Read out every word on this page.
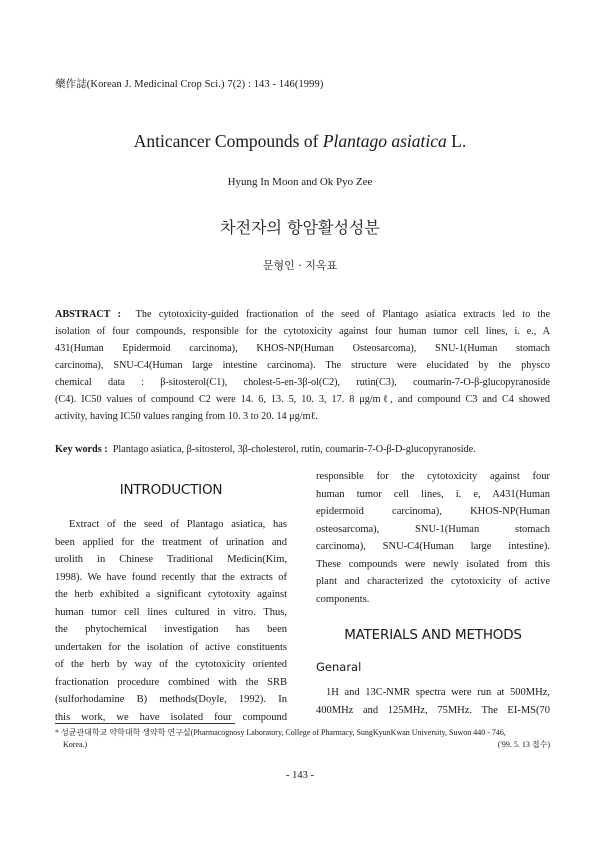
藥作誌(Korean J. Medicinal Crop Sci.) 7(2) : 143 - 146(1999)
Anticancer Compounds of Plantago asiatica L.
Hyung In Moon and Ok Pyo Zee
차전자의 항암활성성분
문형인 · 지옥표
ABSTRACT : The cytotoxicity-guided fractionation of the seed of Plantago asiatica extracts led to the
isolation of four compounds, responsible for the cytotoxicity against four human tumor cell lines, i. e., A
431(Human Epidermoid carcinoma), KHOS-NP(Human Osteosarcoma), SNU-1(Human stomach
carcinoma), SNU-C4(Human large intestine carcinoma). The structure were elucidated by the physco
chemical data : β-sitosterol(C1), cholest-5-en-3β-ol(C2), rutin(C3), coumarin-7-O-β-glucopyranoside
(C4). IC50 values of compound C2 were 14. 6, 13. 5, 10. 3, 17. 8 μg/mℓ, and compound C3 and C4 showed
activity, having IC50 values ranging from 10. 3 to 20. 14 μg/mℓ.
Key words : Plantago asiatica, β-sitosterol, 3β-cholesterol, rutin, coumarin-7-O-β-D-glucopyranoside.
INTRODUCTION
Extract of the seed of Plantago asiatica, has
been applied for the treatment of urination and
urolith in Chinese Traditional Medicin(Kim,
1998). We have found recently that the extracts of
the herb exhibited a significant cytotoxity against
human tumor cell lines cultured in vitro. Thus,
the phytochemical investigation has been
undertaken for the isolation of active constituents
of the herb by way of the cytotoxicity oriented
fractionation procedure combined with the SRB
(sulforhodamine B) methods(Doyle, 1992). In
this work, we have isolated four compound
responsible for the cytotoxicity against four
human tumor cell lines, i. e, A431(Human
epidermoid carcinoma), KHOS-NP(Human
osteosarcoma), SNU-1(Human stomach
carcinoma), SNU-C4(Human large intestine).
These compounds were newly isolated from this
plant and characterized the cytotoxicity of active
components.
MATERIALS AND METHODS
Genaral
1H and 13C-NMR spectra were run at 500MHz,
400MHz and 125MHz, 75MHz. The EI-MS(70
* 성균관대학교 약학대학 생약학 연구실(Pharmacognosy Laboratory, College of Pharmacy, SungKyunKwan University, Suwon 440 - 746,
Korea.)	('99. 5. 13 접수)
- 143 -
